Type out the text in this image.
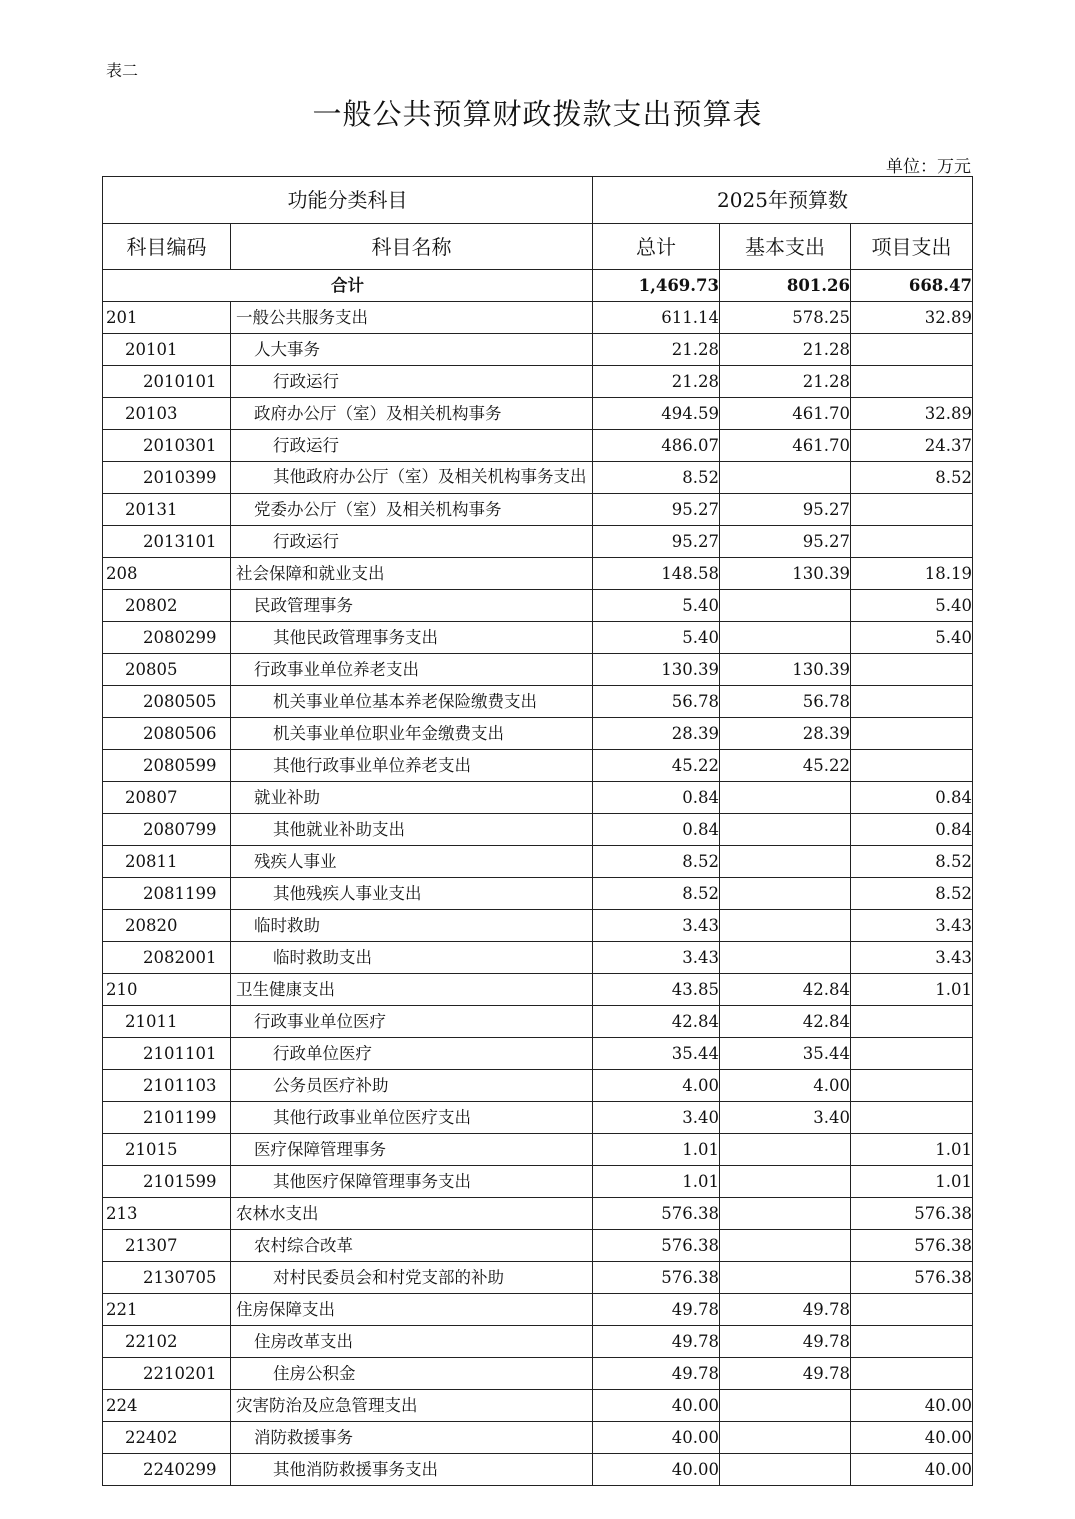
表二
一般公共预算财政拨款支出预算表
单位：万元
功能分类科目		2025年预算数		
科目编码	科目名称	总计	基本支出	项目支出
合计		1,469.73	801.26	668.47
201	一般公共服务支出	611.14	578.25	32.89
20101	人大事务	21.28	21.28	
2010101	行政运行	21.28	21.28	
20103	政府办公厅（室）及相关机构事务	494.59	461.70	32.89
2010301	行政运行	486.07	461.70	24.37
2010399	其他政府办公厅（室）及相关机构事务支出	8.52		8.52
20131	党委办公厅（室）及相关机构事务	95.27	95.27	
2013101	行政运行	95.27	95.27	
208	社会保障和就业支出	148.58	130.39	18.19
20802	民政管理事务	5.40		5.40
2080299	其他民政管理事务支出	5.40		5.40
20805	行政事业单位养老支出	130.39	130.39	
2080505	机关事业单位基本养老保险缴费支出	56.78	56.78	
2080506	机关事业单位职业年金缴费支出	28.39	28.39	
2080599	其他行政事业单位养老支出	45.22	45.22	
20807	就业补助	0.84		0.84
2080799	其他就业补助支出	0.84		0.84
20811	残疾人事业	8.52		8.52
2081199	其他残疾人事业支出	8.52		8.52
20820	临时救助	3.43		3.43
2082001	临时救助支出	3.43		3.43
210	卫生健康支出	43.85	42.84	1.01
21011	行政事业单位医疗	42.84	42.84	
2101101	行政单位医疗	35.44	35.44	
2101103	公务员医疗补助	4.00	4.00	
2101199	其他行政事业单位医疗支出	3.40	3.40	
21015	医疗保障管理事务	1.01		1.01
2101599	其他医疗保障管理事务支出	1.01		1.01
213	农林水支出	576.38		576.38
21307	农村综合改革	576.38		576.38
2130705	对村民委员会和村党支部的补助	576.38		576.38
221	住房保障支出	49.78	49.78	
22102	住房改革支出	49.78	49.78	
2210201	住房公积金	49.78	49.78	
224	灾害防治及应急管理支出	40.00		40.00
22402	消防救援事务	40.00		40.00
2240299	其他消防救援事务支出	40.00		40.00
